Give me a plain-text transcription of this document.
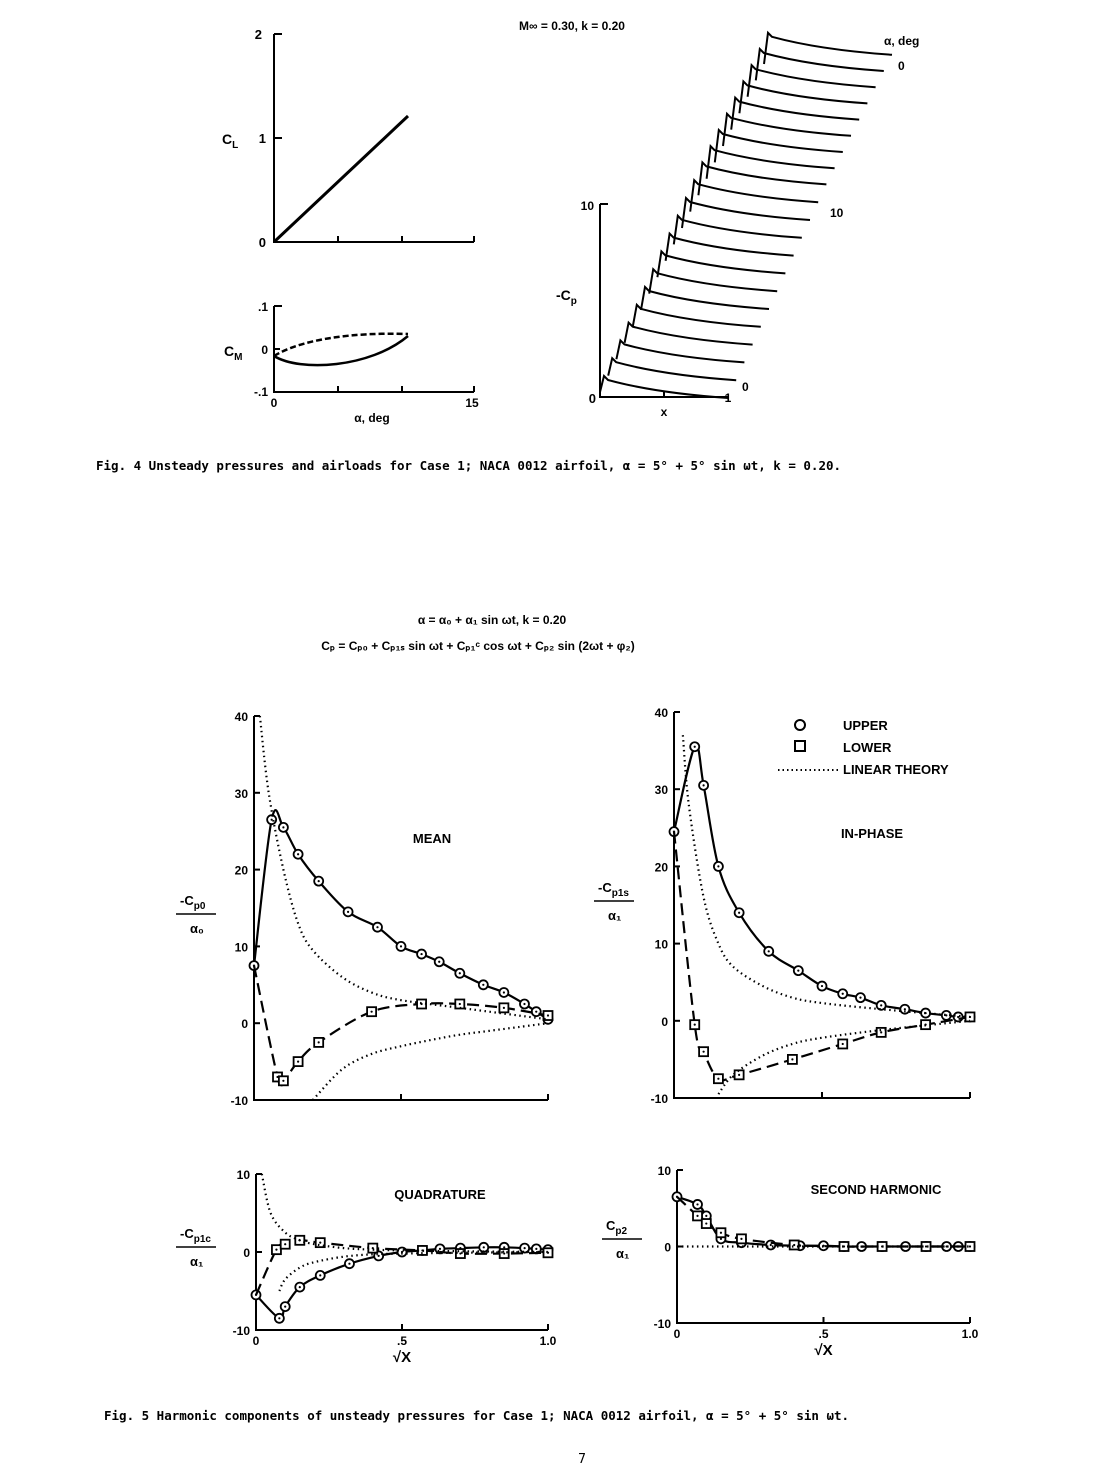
M∞ = 0.30, k = 0.20
2
1
0
$C_L$
.1
0
-.1
$C_M$
0	15
α, deg
10
0	1
$-C_p$
x
α, deg
0
10
0
Fig. 4 Unsteady pressures and airloads for Case 1; NACA 0012 airfoil, α = 5° + 5° sin ωt, k = 0.20.
α = α₀ + α₁ sin ωt, k = 0.20
Cₚ = Cₚ₀ + Cₚ₁ₛ sin ωt + Cₚ₁ᶜ cos ωt + Cₚ₂ sin (2ωt + φ₂)
40
30
20
10
0
-10
MEAN
$-C_{p0}$
α₀
40
30
20
10
0
-10
IN-PHASE
$-C_{p1s}$
α₁
10
0
-10
0	.5	1.0
√X
QUADRATURE
$-C_{p1c}$
α₁
10
0
-10
0	.5	1.0
√X
SECOND HARMONIC
$C_{p2}$
α₁
UPPER
LOWER
LINEAR THEORY
Fig. 5 Harmonic components of unsteady pressures for Case 1; NACA 0012 airfoil, α = 5° + 5° sin ωt.
7
